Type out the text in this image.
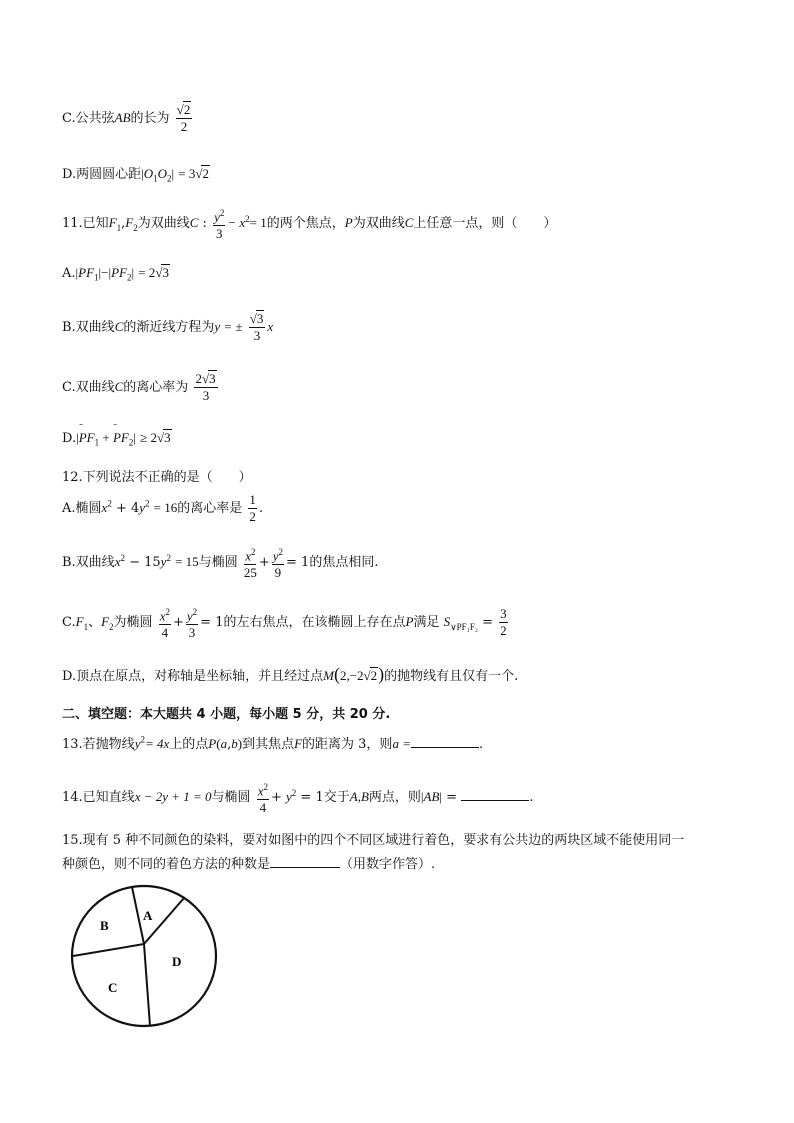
C.公共弦AB的长为 $\frac{√2}{2}$
D.两圆圆心距$|O_1O_2| = 3√2$
11.已知$F_1,F_2$为双曲线C : $\frac{y^2}{3} - x^2= 1$的两个焦点，P为双曲线C上任意一点，则（　　）
$A.|PF_1|-|PF_2| = 2√3$
B.双曲线C的渐近线方程为y = ± $\frac{√3}{3}$ x
C.双曲线C的离心率为 $\frac{2√3}{3}$
D.|ᵕᵕᵕ $PF_1$ + ᵕᵕᵕ $PF_2| \ge 2√3$
12.下列说法不正确的是（　　）
A.椭圆$x^2 + 4y^2 = 16$的离心率是 $\frac{1}{2}$ .
B.双曲线$x^2 - 15y^2 = 15$与椭圆 $\frac{x^2}{25} + \frac{y^2}{9} = 1$的焦点相同.
$C.F_1$、$F_2$为椭圆 $\frac{x^2}{4} + \frac{y^2}{3} = 1$的左右焦点，在该椭圆上存在点P满足 $S_{\vee PF_1F_2} = \frac{3}{2}$
D.顶点在原点，对称轴是坐标轴，并且经过点M(2,−2√2)的抛物线有且仅有一个.
二、填空题：本大题共 4 小题，每小题 5 分，共 20 分.
13.若抛物线$y^2= 4x$上的点P(a,b)到其焦点F的距离为 3，则a =	.
14.已知直线x − 2y + 1 = 0与椭圆 $\frac{x^2}{4} + y^2 = 1$交于A,B两点，则|AB| =	.
15.现有 5 种不同颜色的染料，要对如图中的四个不同区域进行着色，要求有公共边的两块区域不能使用同一
种颜色，则不同的着色方法的种数是	（用数字作答）.
A
B
C
D
